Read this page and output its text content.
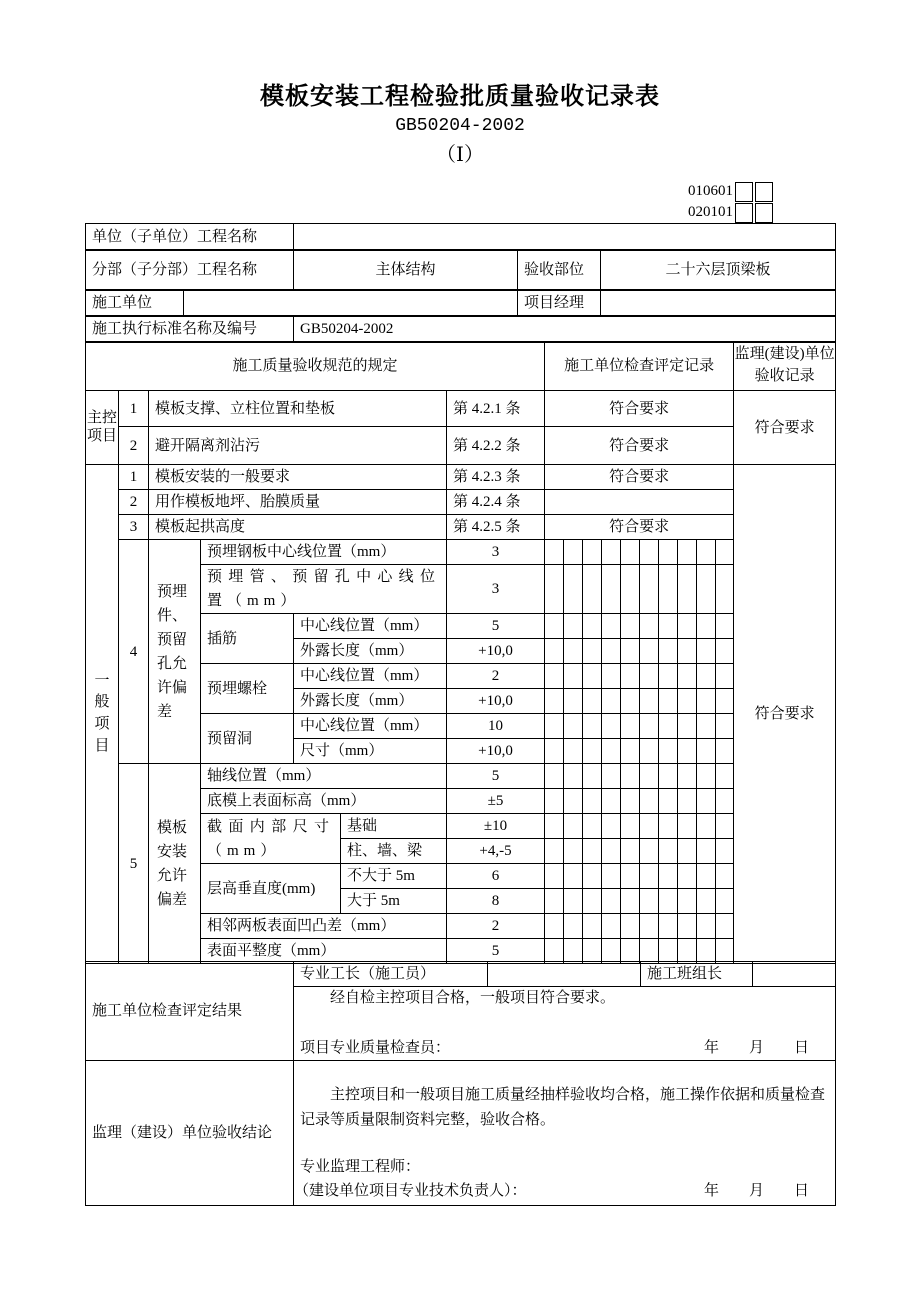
模板安装工程检验批质量验收记录表
GB50204-2002
（Ⅰ）
010601
020101
单位（子单位）工程名称	
分部（子分部）工程名称	主体结构	验收部位	二十六层顶梁板
施工单位		项目经理	
施工执行标准名称及编号	GB50204-2002
施工质量验收规范的规定							施工单位检查评定记录										监理(建设)单位验收记录
主控项目	1	模板支撑、立柱位置和垫板				第 4.2.1 条	符合要求										符合要求
	2	避开隔离剂沾污				第 4.2.2 条	符合要求										
一般项目	1	模板安装的一般要求				第 4.2.3 条	符合要求										符合要求
	2	用作模板地坪、胎膜质量				第 4.2.4 条											
	3	模板起拱高度				第 4.2.5 条	符合要求										
	4	预埋件、预留孔允许偏差	预埋钢板中心线位置（mm）			3											
			预埋管、预留孔中心线位置（mm）			3											
			插筋	中心线位置（mm）		5											
				外露长度（mm）		+10,0											
			预埋螺栓	中心线位置（mm）		2											
				外露长度（mm）		+10,0											
			预留洞	中心线位置（mm）		10											
				尺寸（mm）		+10,0											
	5	模板安装允许偏差	轴线位置（mm）			5											
			底模上表面标高（mm）			±5											
			截面内部尺寸（mm）		基础	±10											
					柱、墙、梁	+4,-5											
			层高垂直度(mm)		不大于 5m	6											
					大于 5m	8											
			相邻两板表面凹凸差（mm）			2											
			表面平整度（mm）			5											
施工单位检查评定结果	专业工长（施工员）		施工班组长	

	经自检主控项目合格，一般项目符合要求。
项目专业质量检查员： 年　　月　　日			

监理（建设）单位验收结论	主控项目和一般项目施工质量经抽样验收均合格，施工操作依据和质量检查记录等质量限制资料完整，验收合格。
专业监理工程师：
（建设单位项目专业技术负责人）： 年　　月　　日			
